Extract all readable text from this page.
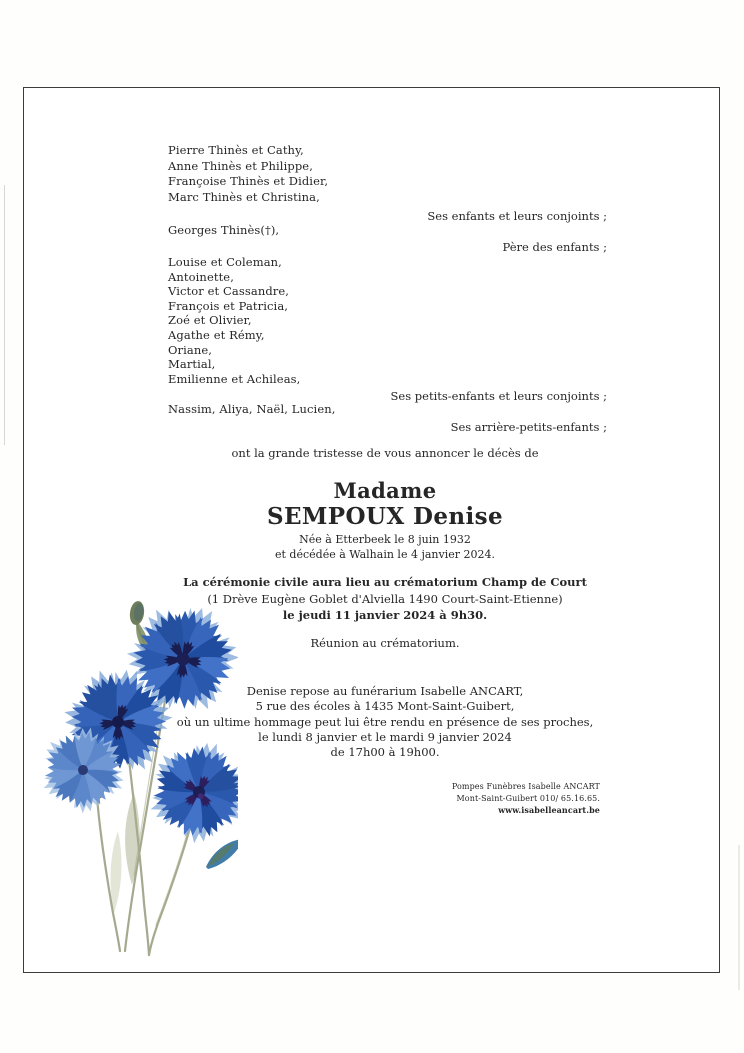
Pierre Thinès et Cathy,
Anne Thinès et Philippe,
Françoise Thinès et Didier,
Marc Thinès et Christina,
Georges Thinès(†),
Louise et Coleman,
Antoinette,
Victor et Cassandre,
François et Patricia,
Zoé et Olivier,
Agathe et Rémy,
Oriane,
Martial,
Emilienne et Achileas,
Nassim, Aliya, Naël, Lucien,
Ses enfants et leurs conjoints ;
Père des enfants ;
Ses petits-enfants et leurs conjoints ;
Ses arrière-petits-enfants ;
ont la grande tristesse de vous annoncer le décès de
Madame
SEMPOUX Denise
Née à Etterbeek le 8 juin 1932
et décédée à Walhain le 4 janvier 2024.
La cérémonie civile aura lieu au crématorium Champ de Court
(1 Drève Eugène Goblet d'Alviella 1490 Court-Saint-Etienne)
le jeudi 11 janvier 2024 à 9h30.
Réunion au crématorium.
Denise repose au funérarium Isabelle ANCART,
5 rue des écoles à 1435 Mont-Saint-Guibert,
où un ultime hommage peut lui être rendu en présence de ses proches,
le lundi 8 janvier et le mardi 9 janvier 2024
de 17h00 à 19h00.
Pompes Funèbres Isabelle ANCART
Mont-Saint-Guibert 010/ 65.16.65.
www.isabelleancart.be
